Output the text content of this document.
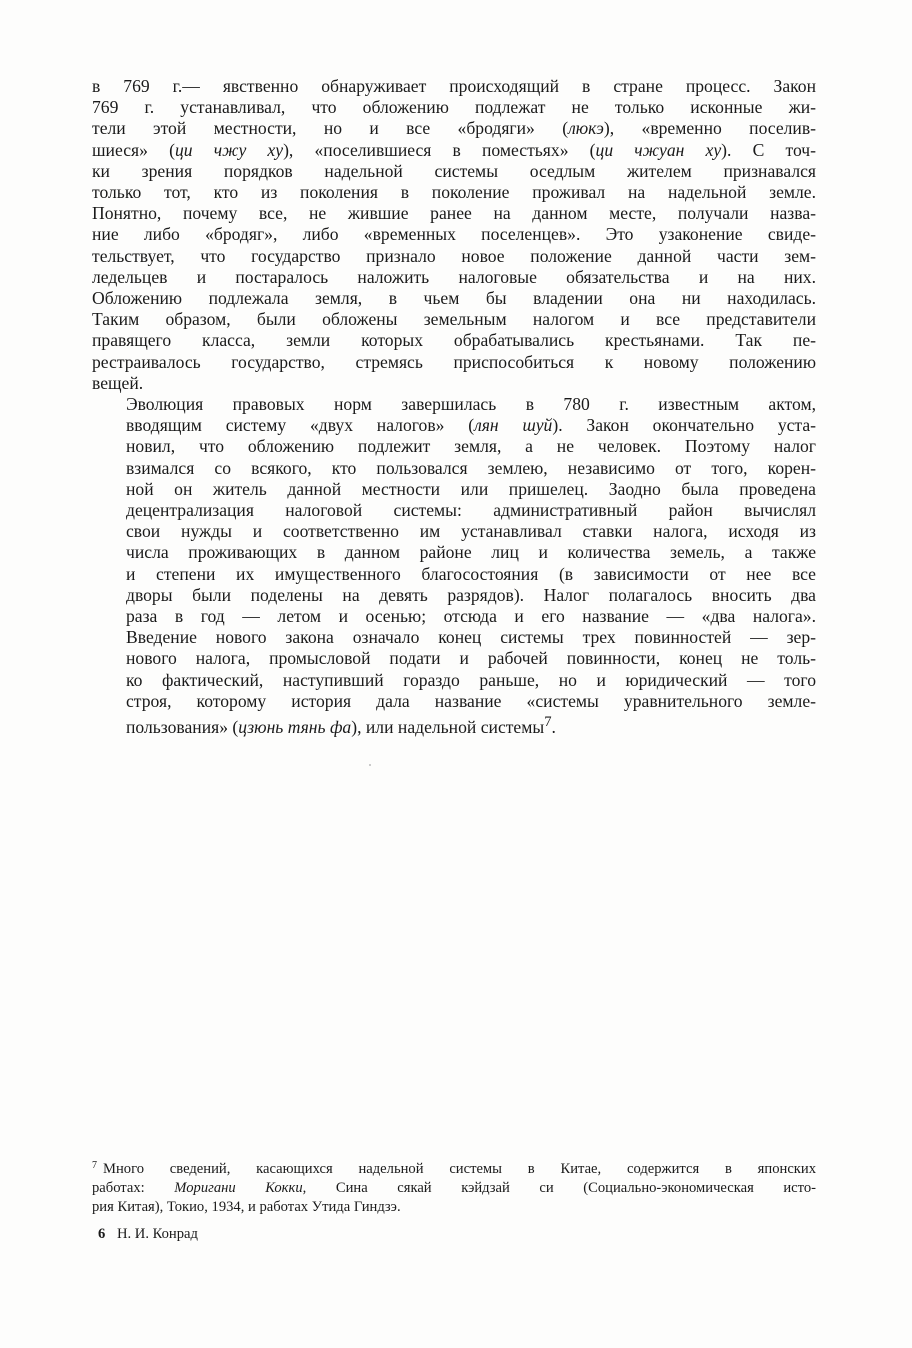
в 769 г.— явственно обнаруживает происходящий в стране процесс. Закон
769 г. устанавливал, что обложению подлежат не только исконные жи-
тели этой местности, но и все «бродяги» (люкэ), «временно поселив-
шиеся» (ци чжу ху), «поселившиеся в поместьях» (ци чжуан ху). С точ-
ки зрения порядков надельной системы оседлым жителем признавался
только тот, кто из поколения в поколение проживал на надельной земле.
Понятно, почему все, не жившие ранее на данном месте, получали назва-
ние либо «бродяг», либо «временных поселенцев». Это узаконение свиде-
тельствует, что государство признало новое положение данной части зем-
ледельцев и постаралось наложить налоговые обязательства и на них.
Обложению подлежала земля, в чьем бы владении она ни находилась.
Таким образом, были обложены земельным налогом и все представители
правящего класса, земли которых обрабатывались крестьянами. Так пе-
рестраивалось государство, стремясь приспособиться к новому положению
вещей.

Эволюция правовых норм завершилась в 780 г. известным актом,
вводящим систему «двух налогов» (лян шуй). Закон окончательно уста-
новил, что обложению подлежит земля, а не человек. Поэтому налог
взимался со всякого, кто пользовался землею, независимо от того, корен-
ной он житель данной местности или пришелец. Заодно была проведена
децентрализация налоговой системы: административный район вычислял
свои нужды и соответственно им устанавливал ставки налога, исходя из
числа проживающих в данном районе лиц и количества земель, а также
и степени их имущественного благосостояния (в зависимости от нее все
дворы были поделены на девять разрядов). Налог полагалось вносить два
раза в год — летом и осенью; отсюда и его название — «два налога».
Введение нового закона означало конец системы трех повинностей — зер-
нового налога, промысловой подати и рабочей повинности, конец не толь-
ко фактический, наступивший гораздо раньше, но и юридический — того
строя, которому история дала название «системы уравнительного земле-
пользования» (цзюнь тянь фа), или надельной системы$^7$.

$^7$ Много сведений, касающихся надельной системы в Китае, содержится в японских
работах: Моригани Кокки, Сина сякай кэйдзай си (Социально-экономическая исто-
рия Китая), Токио, 1934, и работах Утида Гиндзэ.
6 Н. И. Конрад
